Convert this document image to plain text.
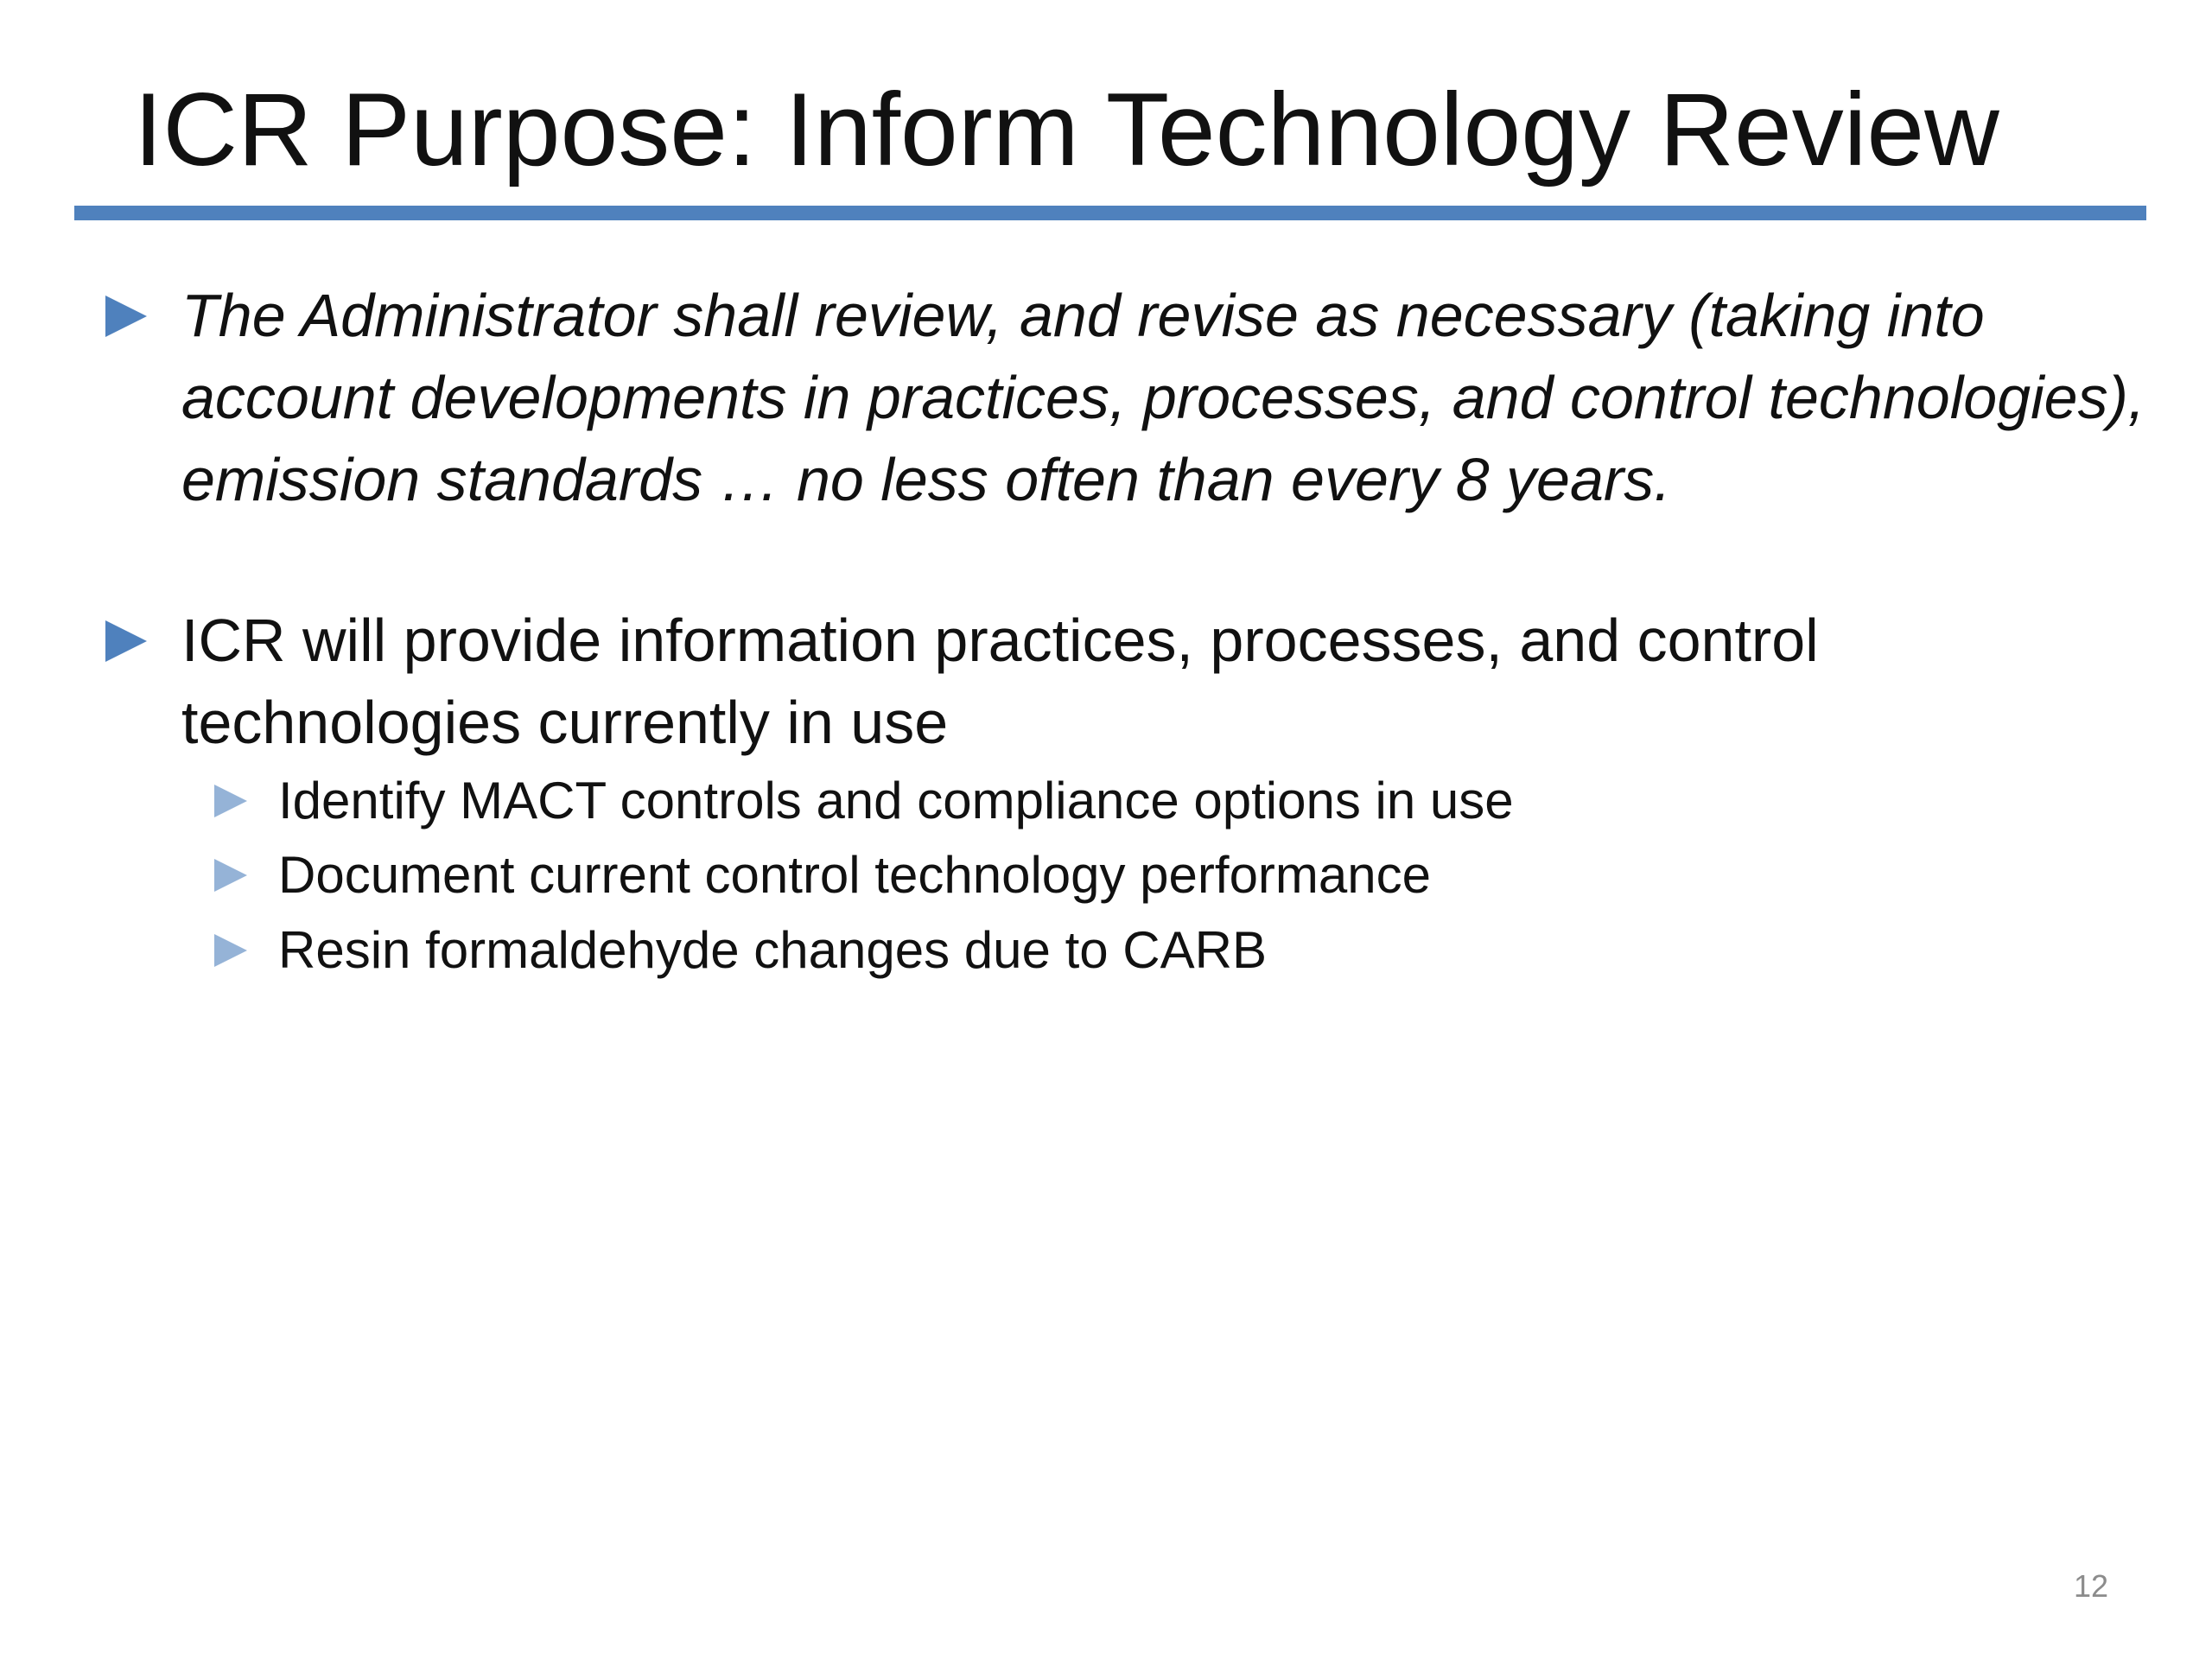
ICR Purpose: Inform Technology Review
The Administrator shall review, and revise as necessary (taking into
account developments in practices, processes, and control technologies),
emission standards … no less often than every 8 years.
ICR will provide information practices, processes, and control
technologies currently in use
Identify MACT controls and compliance options in use
Document current control technology performance
Resin formaldehyde changes due to CARB
12
